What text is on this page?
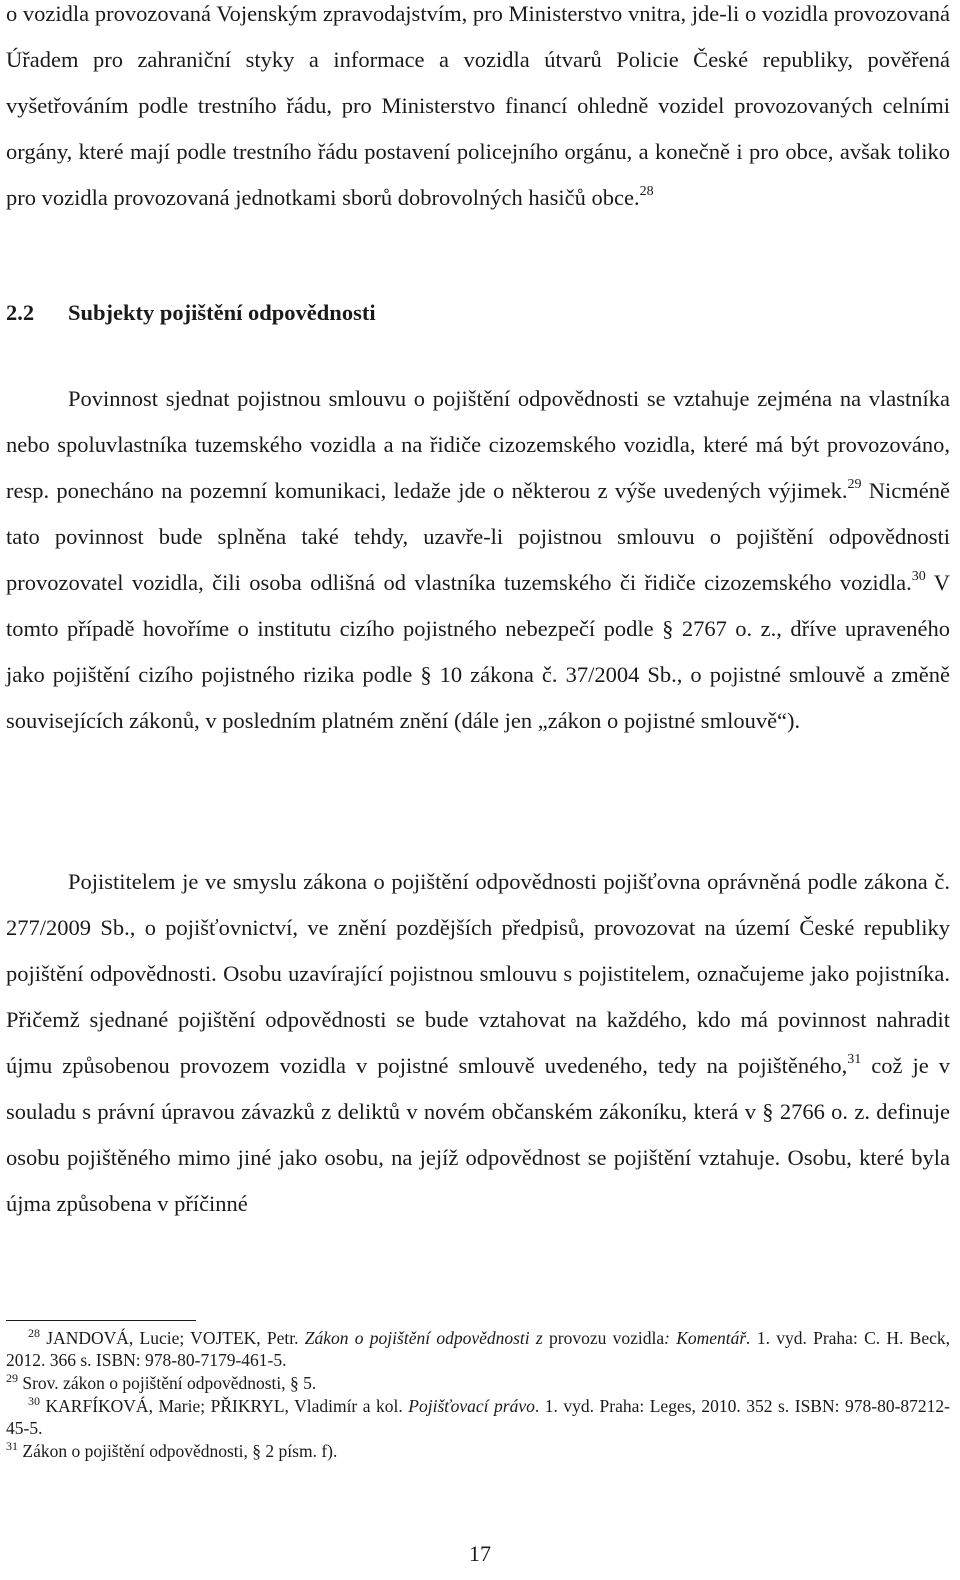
o vozidla provozovaná Vojenským zpravodajstvím, pro Ministerstvo vnitra, jde-li o vozidla provozovaná Úřadem pro zahraniční styky a informace a vozidla útvarů Policie České republiky, pověřená vyšetřováním podle trestního řádu, pro Ministerstvo financí ohledně vozidel provozovaných celními orgány, které mají podle trestního řádu postavení policejního orgánu, a konečně i pro obce, avšak toliko pro vozidla provozovaná jednotkami sborů dobrovolných hasičů obce.$^{28}$

2.2 Subjekty pojištění odpovědnosti

Povinnost sjednat pojistnou smlouvu o pojištění odpovědnosti se vztahuje zejména na vlastníka nebo spoluvlastníka tuzemského vozidla a na řidiče cizozemského vozidla, které má být provozováno, resp. ponecháno na pozemní komunikaci, ledaže jde o některou z výše uvedených výjimek.$^{29}$ Nicméně tato povinnost bude splněna také tehdy, uzavře-li pojistnou smlouvu o pojištění odpovědnosti provozovatel vozidla, čili osoba odlišná od vlastníka tuzemského či řidiče cizozemského vozidla.$^{30}$ V tomto případě hovoříme o institutu cizího pojistného nebezpečí podle § 2767 o. z., dříve upraveného jako pojištění cizího pojistného rizika podle § 10 zákona č. 37/2004 Sb., o pojistné smlouvě a změně souvisejících zákonů, v posledním platném znění (dále jen „zákon o pojistné smlouvě“).

Pojistitelem je ve smyslu zákona o pojištění odpovědnosti pojišťovna oprávněná podle zákona č. 277/2009 Sb., o pojišťovnictví, ve znění pozdějších předpisů, provozovat na území České republiky pojištění odpovědnosti. Osobu uzavírající pojistnou smlouvu s pojistitelem, označujeme jako pojistníka. Přičemž sjednané pojištění odpovědnosti se bude vztahovat na každého, kdo má povinnost nahradit újmu způsobenou provozem vozidla v pojistné smlouvě uvedeného, tedy na pojištěného,$^{31}$ což je v souladu s právní úpravou závazků z deliktů v novém občanském zákoníku, která v § 2766 o. z. definuje osobu pojištěného mimo jiné jako osobu, na jejíž odpovědnost se pojištění vztahuje. Osobu, které byla újma způsobena v příčinné

$^{28}$ JANDOVÁ, Lucie; VOJTEK, Petr. Zákon o pojištění odpovědnosti z provozu vozidla: Komentář. 1. vyd. Praha: C. H. Beck, 2012. 366 s. ISBN: 978-80-7179-461-5.

$^{29}$ Srov. zákon o pojištění odpovědnosti, § 5.

$^{30}$ KARFÍKOVÁ, Marie; PŘIKRYL, Vladimír a kol. Pojišťovací právo. 1. vyd. Praha: Leges, 2010. 352 s. ISBN: 978-80-87212-45-5.

$^{31}$ Zákon o pojištění odpovědnosti, § 2 písm. f).

17
